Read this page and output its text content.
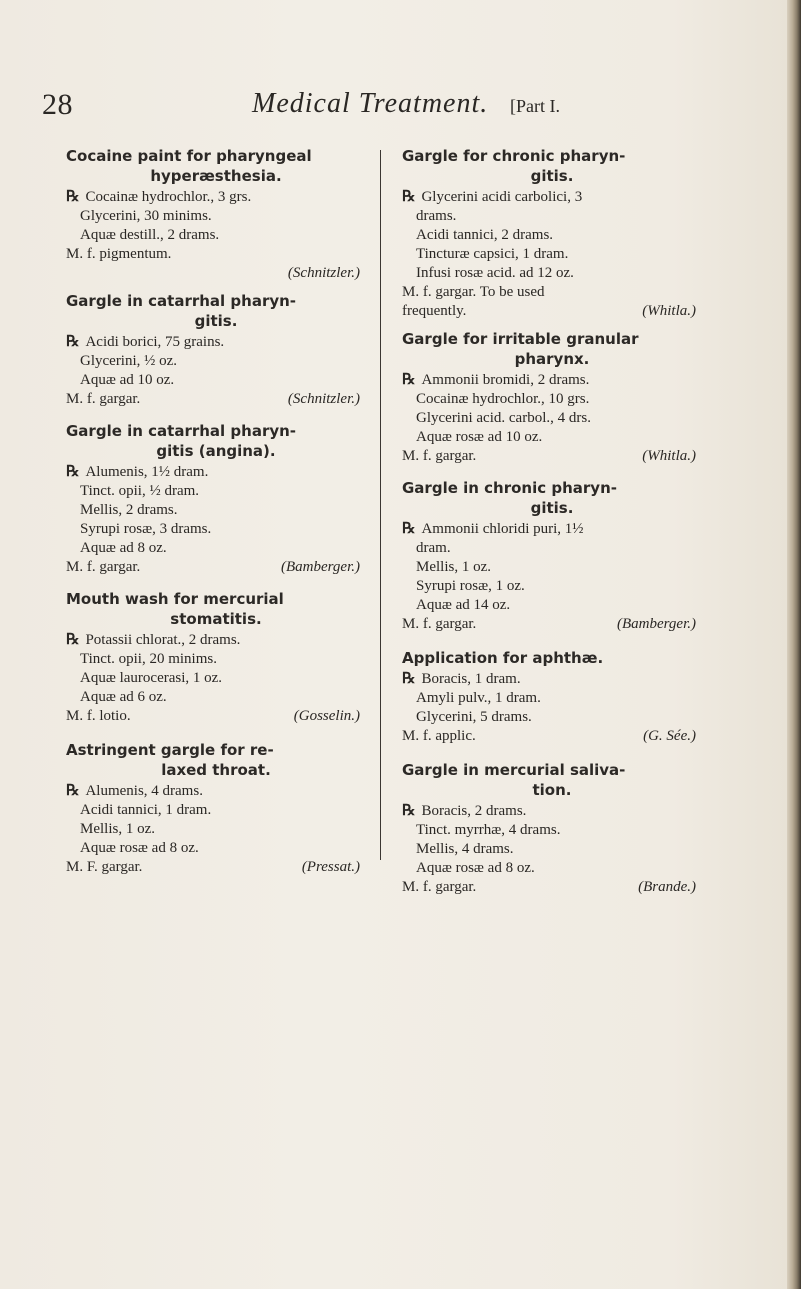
28	Medical Treatment. [Part I.
Cocaine paint for pharyngeal
hyperæsthesia.
℞ Cocainæ hydrochlor., 3 grs.
Glycerini, 30 minims.
Aquæ destill., 2 drams.
M. f. pigmentum.
(Schnitzler.)
Gargle in catarrhal pharyn-
gitis.
℞ Acidi borici, 75 grains.
Glycerini, ½ oz.
Aquæ ad 10 oz.
M. f. gargar.	(Schnitzler.)
Gargle in catarrhal pharyn-
gitis (angina).
℞ Alumenis, 1½ dram.
Tinct. opii, ½ dram.
Mellis, 2 drams.
Syrupi rosæ, 3 drams.
Aquæ ad 8 oz.
M. f. gargar.	(Bamberger.)
Mouth wash for mercurial
stomatitis.
℞ Potassii chlorat., 2 drams.
Tinct. opii, 20 minims.
Aquæ laurocerasi, 1 oz.
Aquæ ad 6 oz.
M. f. lotio.	(Gosselin.)
Astringent gargle for re-
laxed throat.
℞ Alumenis, 4 drams.
Acidi tannici, 1 dram.
Mellis, 1 oz.
Aquæ rosæ ad 8 oz.
M. F. gargar.	(Pressat.)
Gargle for chronic pharyn-
gitis.
℞ Glycerini acidi carbolici, 3
drams.
Acidi tannici, 2 drams.
Tincturæ capsici, 1 dram.
Infusi rosæ acid. ad 12 oz.
M. f. gargar. To be used
frequently.	(Whitla.)
Gargle for irritable granular
pharynx.
℞ Ammonii bromidi, 2 drams.
Cocainæ hydrochlor., 10 grs.
Glycerini acid. carbol., 4 drs.
Aquæ rosæ ad 10 oz.
M. f. gargar.	(Whitla.)
Gargle in chronic pharyn-
gitis.
℞ Ammonii chloridi puri, 1½
dram.
Mellis, 1 oz.
Syrupi rosæ, 1 oz.
Aquæ ad 14 oz.
M. f. gargar.	(Bamberger.)
Application for aphthæ.
℞ Boracis, 1 dram.
Amyli pulv., 1 dram.
Glycerini, 5 drams.
M. f. applic.	(G. Sée.)
Gargle in mercurial saliva-
tion.
℞ Boracis, 2 drams.
Tinct. myrrhæ, 4 drams.
Mellis, 4 drams.
Aquæ rosæ ad 8 oz.
M. f. gargar.	(Brande.)
